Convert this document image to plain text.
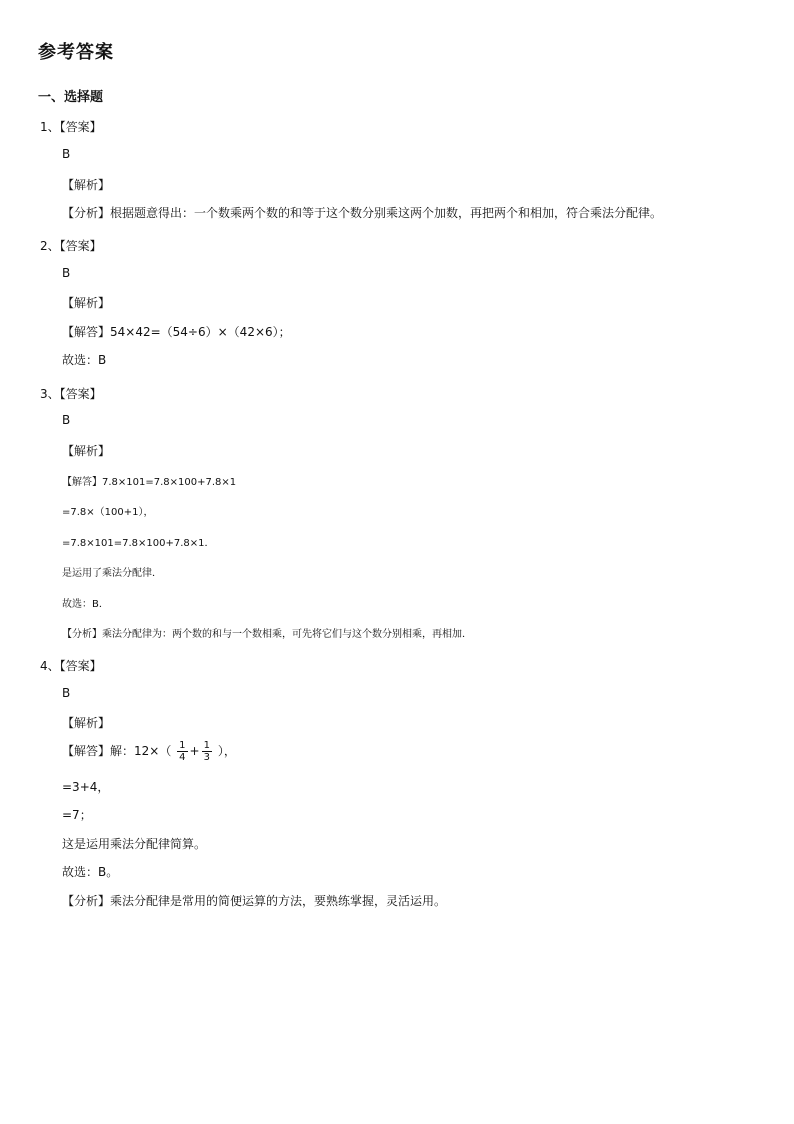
参考答案
一、选择题
1、【答案】
B
【解析】
【分析】根据题意得出：一个数乘两个数的和等于这个数分别乘这两个加数，再把两个和相加，符合乘法分配律。
2、【答案】
B
【解析】
【解答】54×42=（54÷6）×（42×6）；
故选：B
3、【答案】
B
【解析】
【解答】7.8×101=7.8×100+7.8×1
=7.8×（100+1），
=7.8×101=7.8×100+7.8×1．
是运用了乘法分配律．
故选：B．
【分析】乘法分配律为：两个数的和与一个数相乘，可先将它们与这个数分别相乘，再相加．
4、【答案】
B
【解析】
【解答】解：$12\times( \frac{1}{4} + \frac{1}{3}$ ），
=3+4，
=7；
这是运用乘法分配律简算。
故选：B。
【分析】乘法分配律是常用的简便运算的方法，要熟练掌握，灵活运用。
